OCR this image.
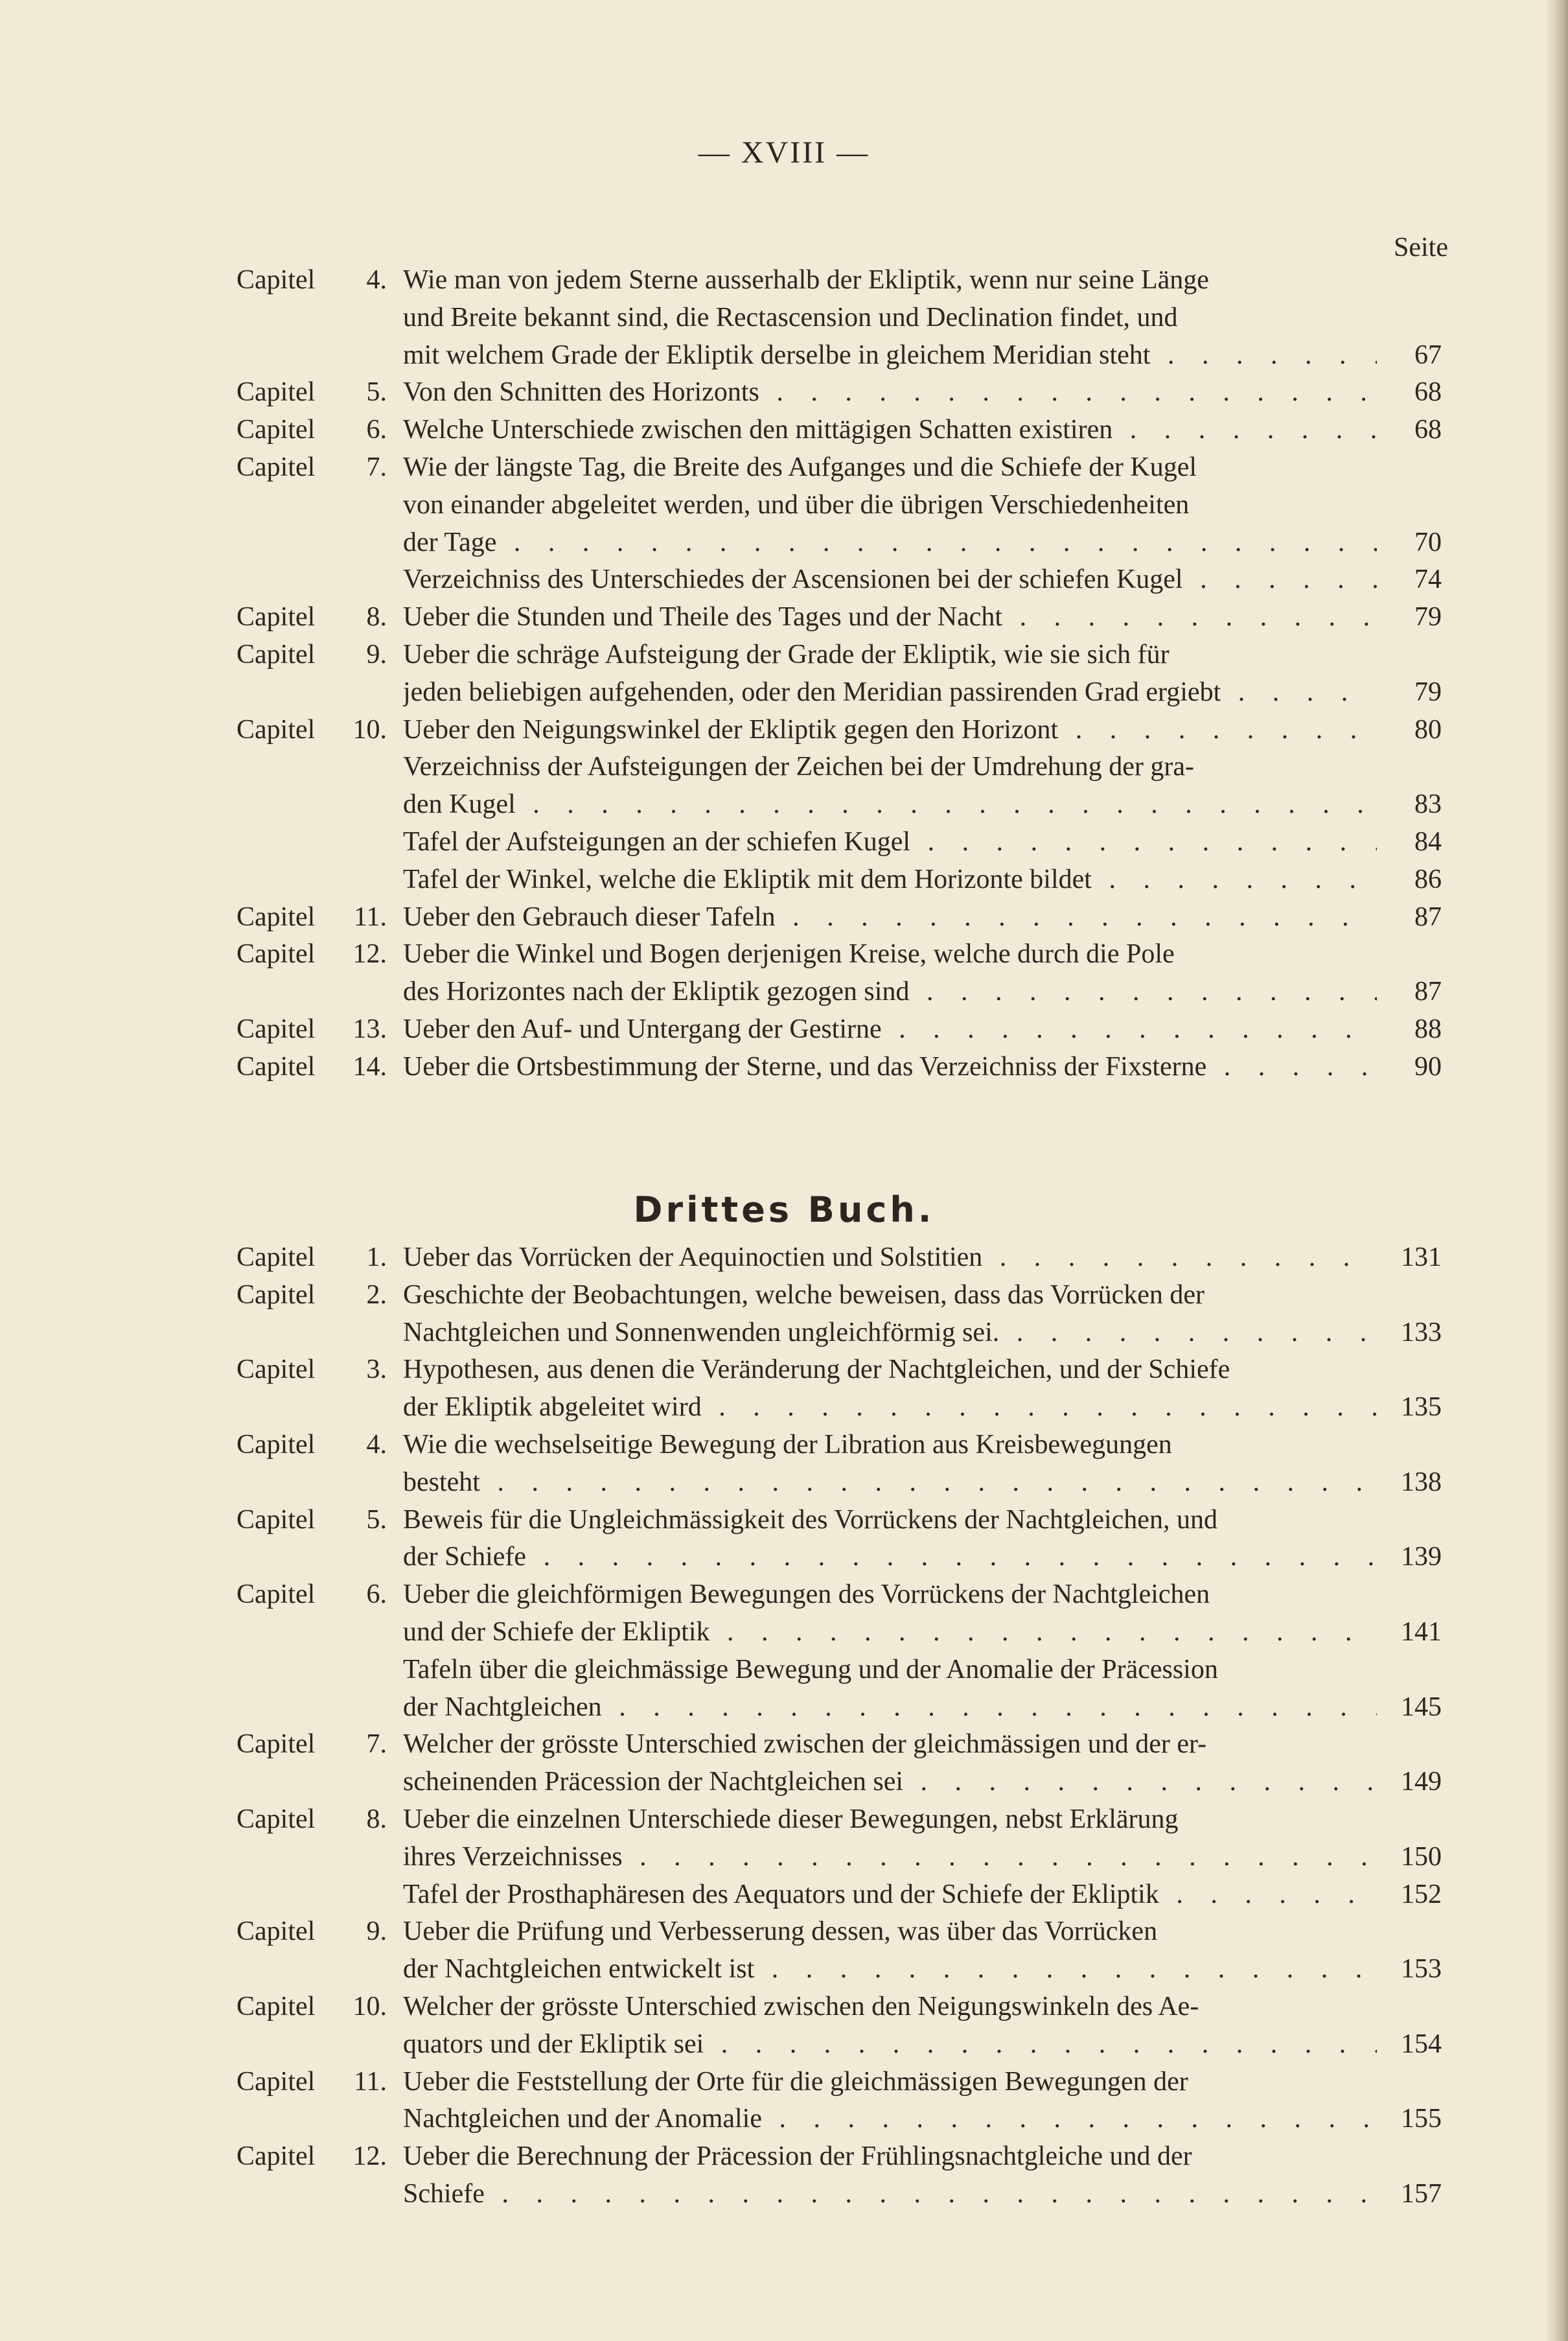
— XVIII —
Seite
Capitel	4. Wie man von jedem Sterne ausserhalb der Ekliptik, wenn nur seine Länge
und Breite bekannt sind, die Rectascension und Declination findet, und
mit welchem Grade der Ekliptik derselbe in gleichem Meridian steht . . .	67
Capitel	5. Von den Schnitten des Horizonts . . .	68
Capitel	6. Welche Unterschiede zwischen den mittägigen Schatten existiren . . .	68
Capitel	7. Wie der längste Tag, die Breite des Aufganges und die Schiefe der Kugel
von einander abgeleitet werden, und über die übrigen Verschiedenheiten
der Tage . . .	70
Verzeichniss des Unterschiedes der Ascensionen bei der schiefen Kugel . . .	74
Capitel	8. Ueber die Stunden und Theile des Tages und der Nacht . . .	79
Capitel	9. Ueber die schräge Aufsteigung der Grade der Ekliptik, wie sie sich für
jeden beliebigen aufgehenden, oder den Meridian passirenden Grad ergiebt . . .	79
Capitel	10. Ueber den Neigungswinkel der Ekliptik gegen den Horizont . . .	80
Verzeichniss der Aufsteigungen der Zeichen bei der Umdrehung der gra-
den Kugel . . .	83
Tafel der Aufsteigungen an der schiefen Kugel . . .	84
Tafel der Winkel, welche die Ekliptik mit dem Horizonte bildet . . .	86
Capitel	11. Ueber den Gebrauch dieser Tafeln . . .	87
Capitel	12. Ueber die Winkel und Bogen derjenigen Kreise, welche durch die Pole
des Horizontes nach der Ekliptik gezogen sind . . .	87
Capitel	13. Ueber den Auf- und Untergang der Gestirne . . .	88
Capitel	14. Ueber die Ortsbestimmung der Sterne, und das Verzeichniss der Fixsterne . . .	90
Drittes Buch.
Capitel	1. Ueber das Vorrücken der Aequinoctien und Solstitien . . .	131
Capitel	2. Geschichte der Beobachtungen, welche beweisen, dass das Vorrücken der
Nachtgleichen und Sonnenwenden ungleichförmig sei. . . .	133
Capitel	3. Hypothesen, aus denen die Veränderung der Nachtgleichen, und der Schiefe
der Ekliptik abgeleitet wird . . .	135
Capitel	4. Wie die wechselseitige Bewegung der Libration aus Kreisbewegungen
besteht . . .	138
Capitel	5. Beweis für die Ungleichmässigkeit des Vorrückens der Nachtgleichen, und
der Schiefe . . .	139
Capitel	6. Ueber die gleichförmigen Bewegungen des Vorrückens der Nachtgleichen
und der Schiefe der Ekliptik . . .	141
Tafeln über die gleichmässige Bewegung und der Anomalie der Präcession
der Nachtgleichen . . .	145
Capitel	7. Welcher der grösste Unterschied zwischen der gleichmässigen und der er-
scheinenden Präcession der Nachtgleichen sei . . .	149
Capitel	8. Ueber die einzelnen Unterschiede dieser Bewegungen, nebst Erklärung
ihres Verzeichnisses . . .	150
Tafel der Prosthaphäresen des Aequators und der Schiefe der Ekliptik . . .	152
Capitel	9. Ueber die Prüfung und Verbesserung dessen, was über das Vorrücken
der Nachtgleichen entwickelt ist . . .	153
Capitel	10. Welcher der grösste Unterschied zwischen den Neigungswinkeln des Ae-
quators und der Ekliptik sei . . .	154
Capitel	11. Ueber die Feststellung der Orte für die gleichmässigen Bewegungen der
Nachtgleichen und der Anomalie . . .	155
Capitel	12. Ueber die Berechnung der Präcession der Frühlingsnachtgleiche und der
Schiefe . . .	157
